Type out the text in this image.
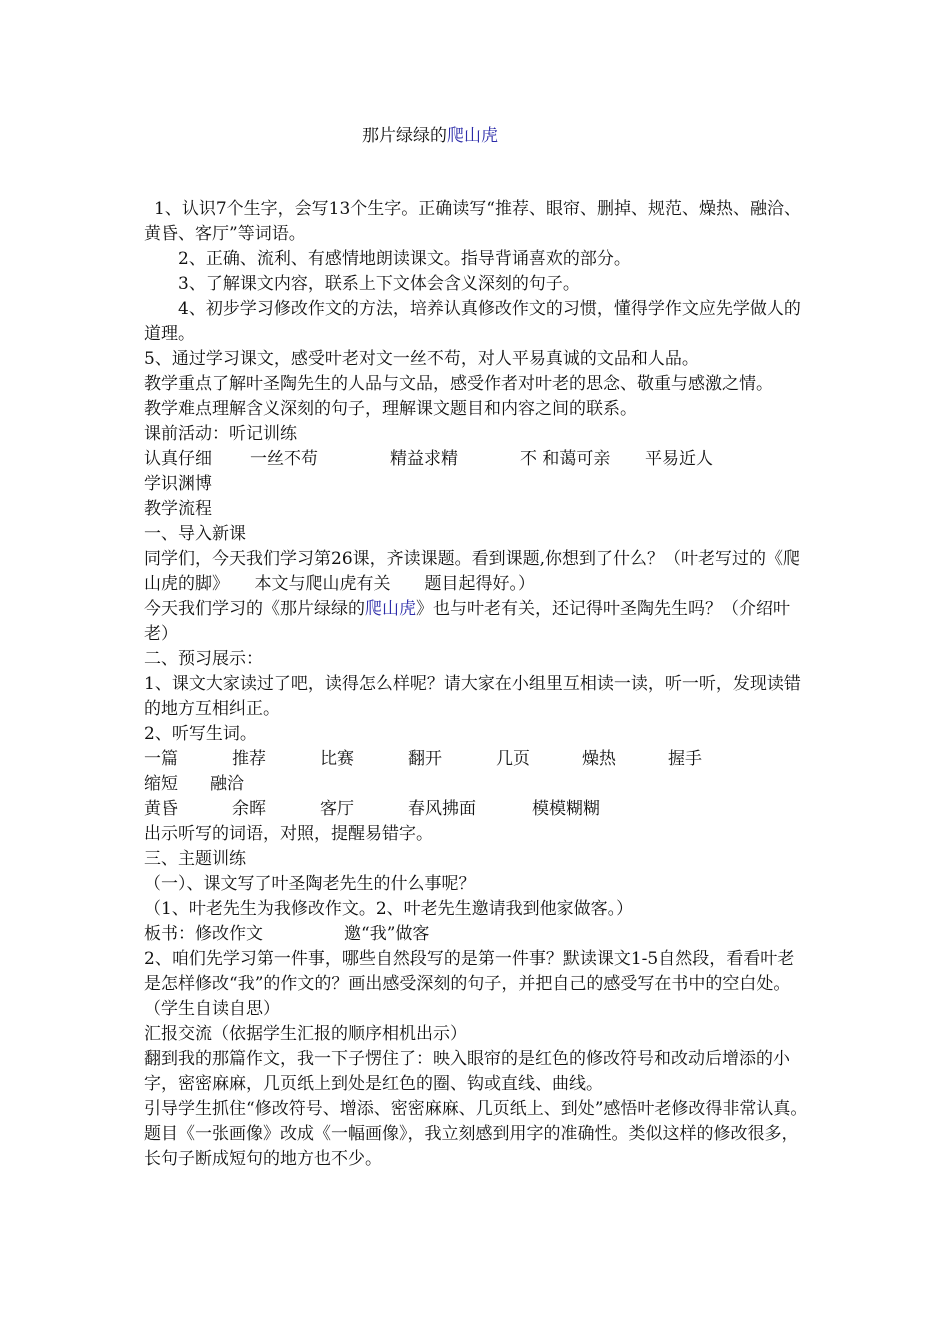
那片绿绿的爬山虎

1、认识7个生字，会写13个生字。正确读写“推荐、眼帘、删掉、规范、燥热、融洽、黄昏、客厅”等词语。

2、正确、流利、有感情地朗读课文。指导背诵喜欢的部分。

3、了解课文内容，联系上下文体会含义深刻的句子。

4、初步学习修改作文的方法，培养认真修改作文的习惯，懂得学作文应先学做人的道理。

5、通过学习课文，感受叶老对文一丝不苟，对人平易真诚的文品和人品。

教学重点了解叶圣陶先生的人品与文品，感受作者对叶老的思念、敬重与感激之情。

教学难点理解含义深刻的句子，理解课文题目和内容之间的联系。

课前活动：听记训练

认真仔细	一丝不苟	精益求精	不 和蔼可亲	平易近人
学识渊博

教学流程

一、导入新课

同学们，今天我们学习第26课，齐读课题。看到课题,你想到了什么？（叶老写过的《爬山虎的脚》　　本文与爬山虎有关　　题目起得好。）

今天我们学习的《那片绿绿的爬山虎》也与叶老有关，还记得叶圣陶先生吗？（介绍叶老）

二、预习展示：

1、课文大家读过了吧，读得怎么样呢？请大家在小组里互相读一读，听一听，发现读错的地方互相纠正。

2、听写生词。

一篇	推荐	比赛	翻开	几页	燥热	握手
缩短	融洽
黄昏	余晖	客厅	春风拂面	模模糊糊

出示听写的词语，对照，提醒易错字。

三、主题训练

（一）、课文写了叶圣陶老先生的什么事呢？

（1、叶老先生为我修改作文。2、叶老先生邀请我到他家做客。）

板书：修改作文	邀“我”做客

2、咱们先学习第一件事，哪些自然段写的是第一件事？默读课文1-5自然段，看看叶老是怎样修改“我”的作文的？画出感受深刻的句子，并把自己的感受写在书中的空白处。（学生自读自思）

汇报交流（依据学生汇报的顺序相机出示）

翻到我的那篇作文，我一下子愣住了：映入眼帘的是红色的修改符号和改动后增添的小字，密密麻麻，几页纸上到处是红色的圈、钩或直线、曲线。

引导学生抓住“修改符号、增添、密密麻麻、几页纸上、到处”感悟叶老修改得非常认真。

题目《一张画像》改成《一幅画像》，我立刻感到用字的准确性。类似这样的修改很多，长句子断成短句的地方也不少。
